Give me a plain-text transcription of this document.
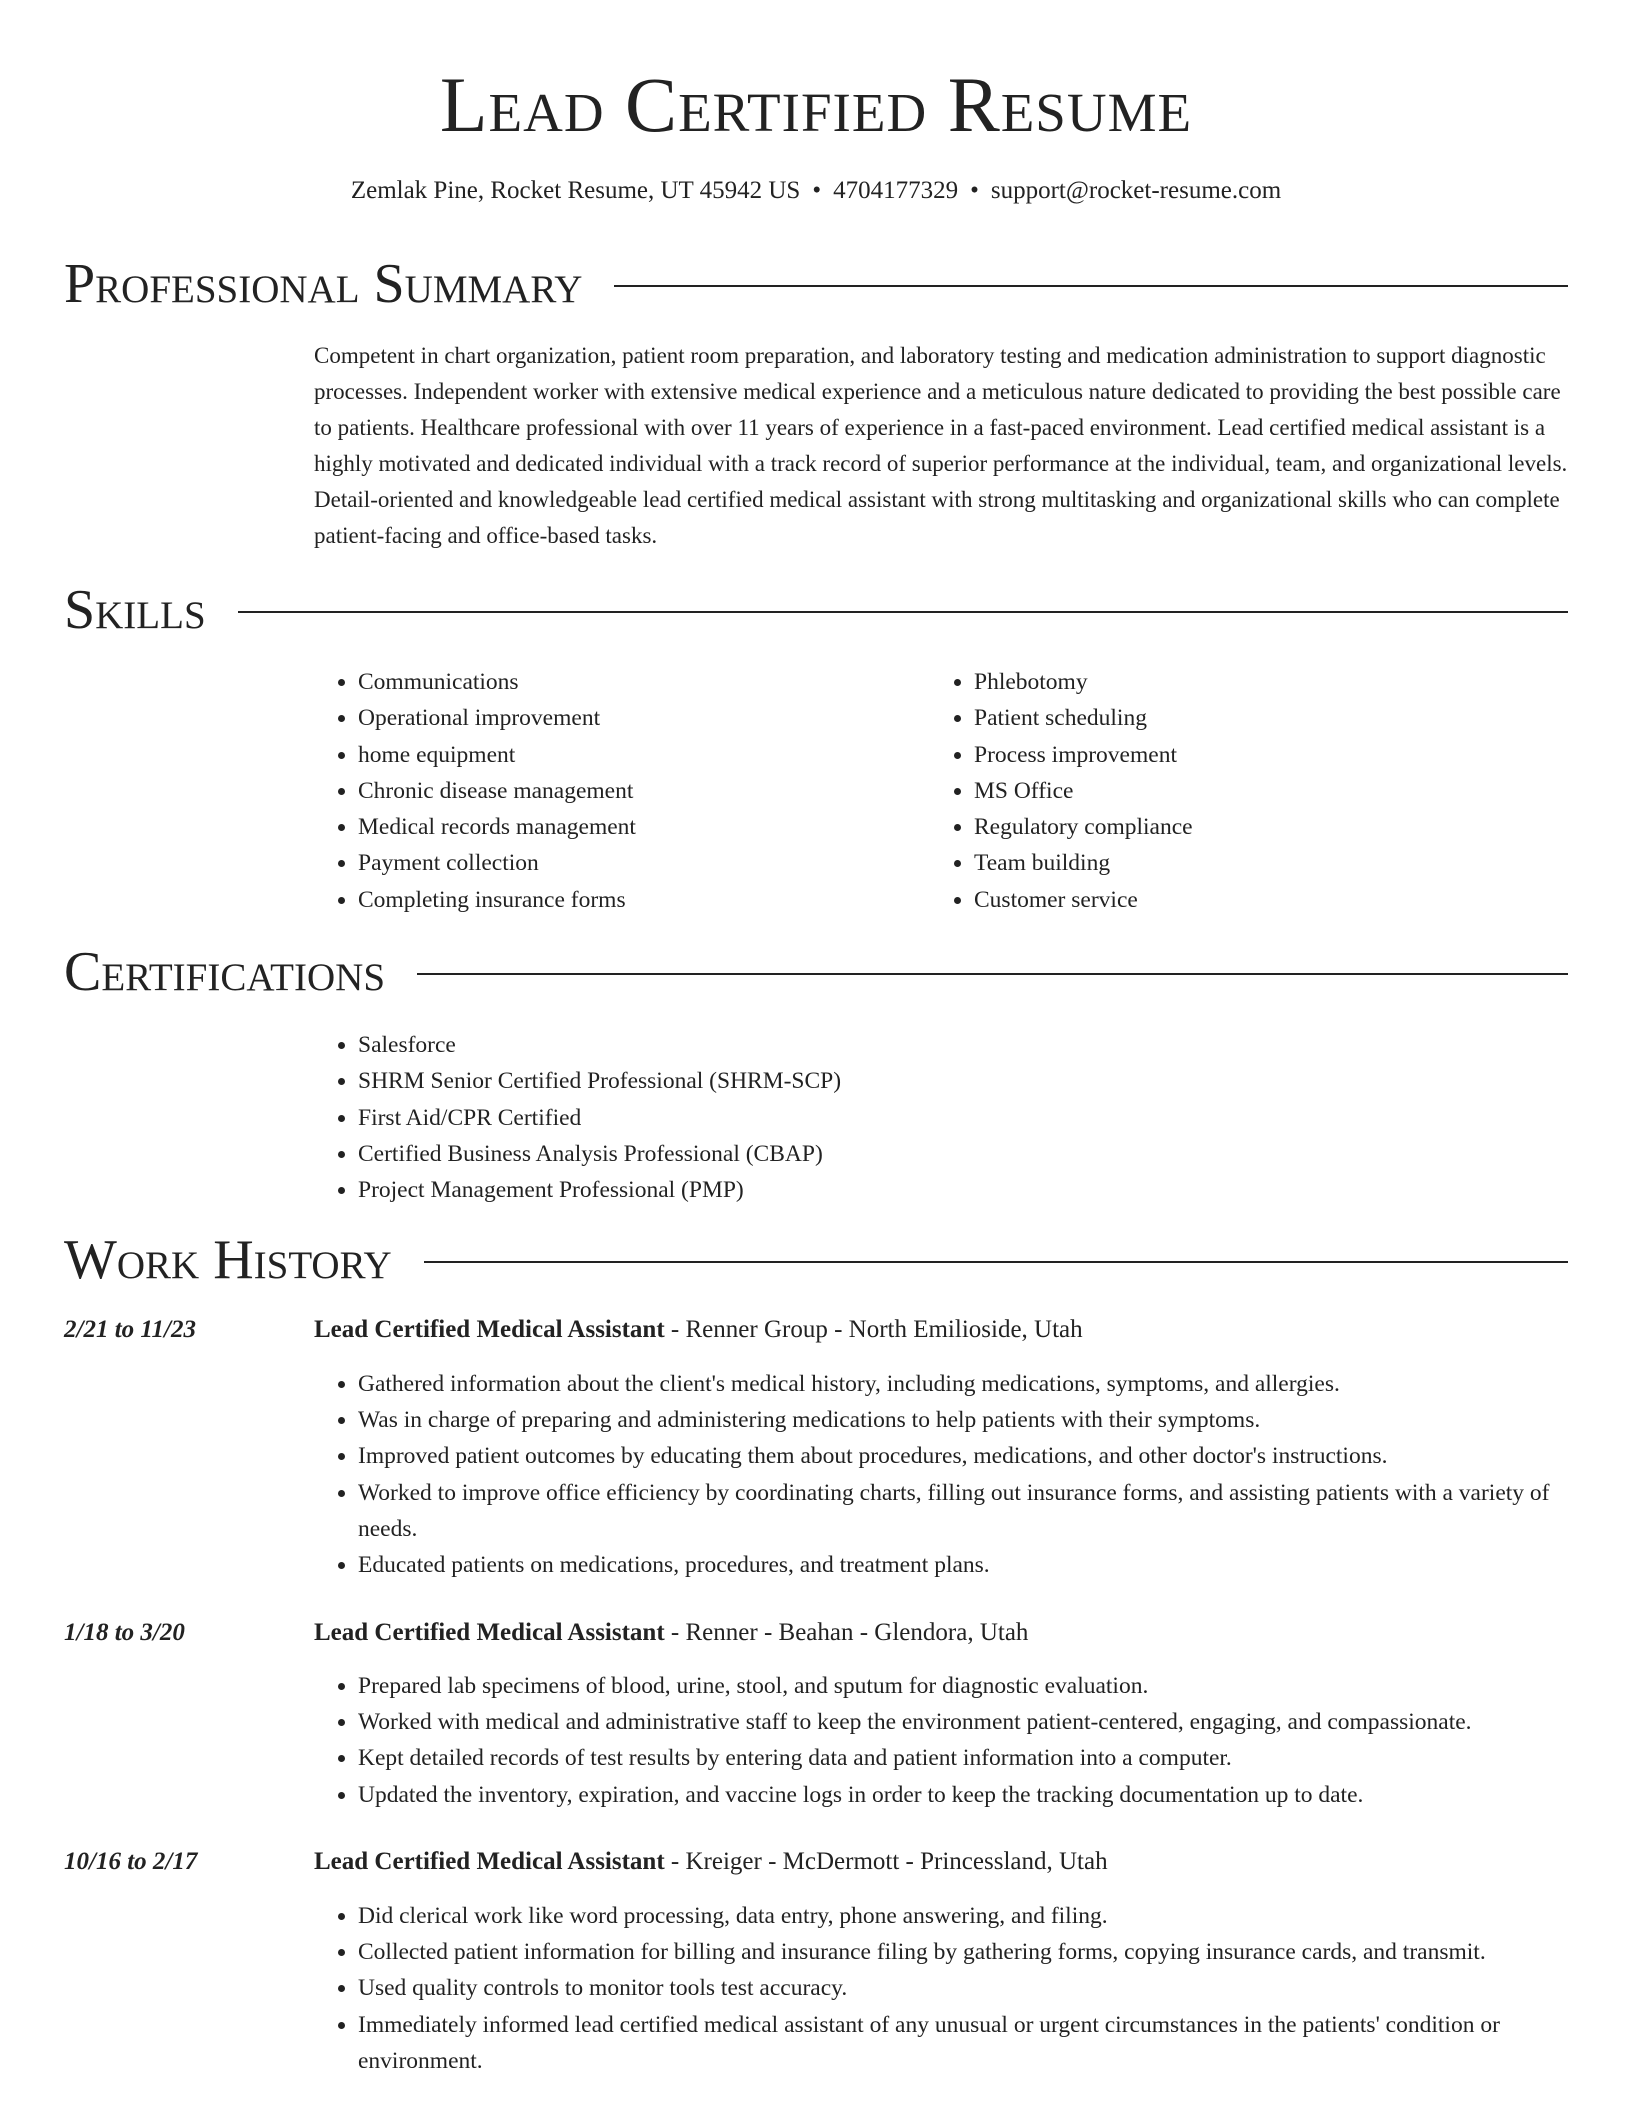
Lead Certified Resume
Zemlak Pine, Rocket Resume, UT 45942 US • 4704177329 • support@rocket-resume.com
Professional Summary
Competent in chart organization, patient room preparation, and laboratory testing and medication administration to support diagnostic processes. Independent worker with extensive medical experience and a meticulous nature dedicated to providing the best possible care to patients. Healthcare professional with over 11 years of experience in a fast-paced environment. Lead certified medical assistant is a highly motivated and dedicated individual with a track record of superior performance at the individual, team, and organizational levels. Detail-oriented and knowledgeable lead certified medical assistant with strong multitasking and organizational skills who can complete patient-facing and office-based tasks.
Skills
• Communications
• Operational improvement
• home equipment
• Chronic disease management
• Medical records management
• Payment collection
• Completing insurance forms
• Phlebotomy
• Patient scheduling
• Process improvement
• MS Office
• Regulatory compliance
• Team building
• Customer service
Certifications
• Salesforce
• SHRM Senior Certified Professional (SHRM-SCP)
• First Aid/CPR Certified
• Certified Business Analysis Professional (CBAP)
• Project Management Professional (PMP)
Work History
2/21 to 11/23	Lead Certified Medical Assistant - Renner Group - North Emilioside, Utah
• Gathered information about the client's medical history, including medications, symptoms, and allergies.
• Was in charge of preparing and administering medications to help patients with their symptoms.
• Improved patient outcomes by educating them about procedures, medications, and other doctor's instructions.
• Worked to improve office efficiency by coordinating charts, filling out insurance forms, and assisting patients with a variety of needs.
• Educated patients on medications, procedures, and treatment plans.
1/18 to 3/20	Lead Certified Medical Assistant - Renner - Beahan - Glendora, Utah
• Prepared lab specimens of blood, urine, stool, and sputum for diagnostic evaluation.
• Worked with medical and administrative staff to keep the environment patient-centered, engaging, and compassionate.
• Kept detailed records of test results by entering data and patient information into a computer.
• Updated the inventory, expiration, and vaccine logs in order to keep the tracking documentation up to date.
10/16 to 2/17	Lead Certified Medical Assistant - Kreiger - McDermott - Princessland, Utah
• Did clerical work like word processing, data entry, phone answering, and filing.
• Collected patient information for billing and insurance filing by gathering forms, copying insurance cards, and transmit.
• Used quality controls to monitor tools test accuracy.
• Immediately informed lead certified medical assistant of any unusual or urgent circumstances in the patients' condition or environment.
